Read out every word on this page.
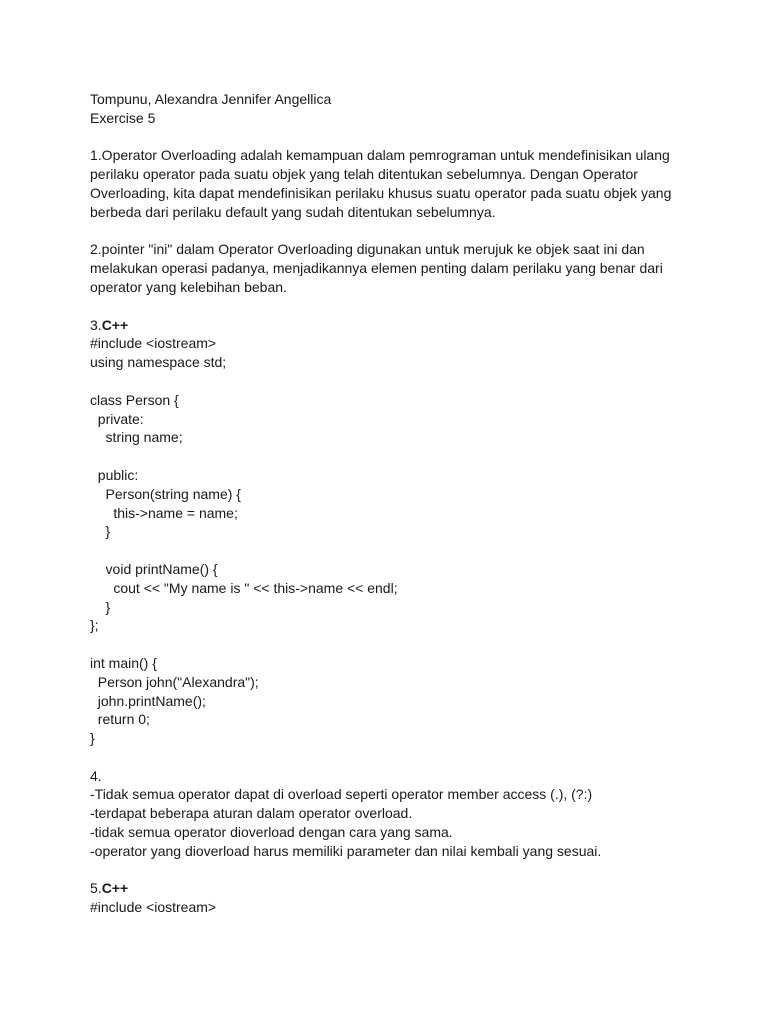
Tompunu, Alexandra Jennifer Angellica
Exercise 5
1.Operator Overloading adalah kemampuan dalam pemrograman untuk mendefinisikan ulang
perilaku operator pada suatu objek yang telah ditentukan sebelumnya. Dengan Operator
Overloading, kita dapat mendefinisikan perilaku khusus suatu operator pada suatu objek yang
berbeda dari perilaku default yang sudah ditentukan sebelumnya.
2.pointer "ini" dalam Operator Overloading digunakan untuk merujuk ke objek saat ini dan
melakukan operasi padanya, menjadikannya elemen penting dalam perilaku yang benar dari
operator yang kelebihan beban.
3.C++
#include <iostream>
using namespace std;
class Person {
private:
string name;
public:
Person(string name) {
this->name = name;
}
void printName() {
cout << "My name is " << this->name << endl;
}
};
int main() {
Person john("Alexandra");
john.printName();
return 0;
}
4.
-Tidak semua operator dapat di overload seperti operator member access (.), (?:)
-terdapat beberapa aturan dalam operator overload.
-tidak semua operator dioverload dengan cara yang sama.
-operator yang dioverload harus memiliki parameter dan nilai kembali yang sesuai.
5.C++
#include <iostream>
